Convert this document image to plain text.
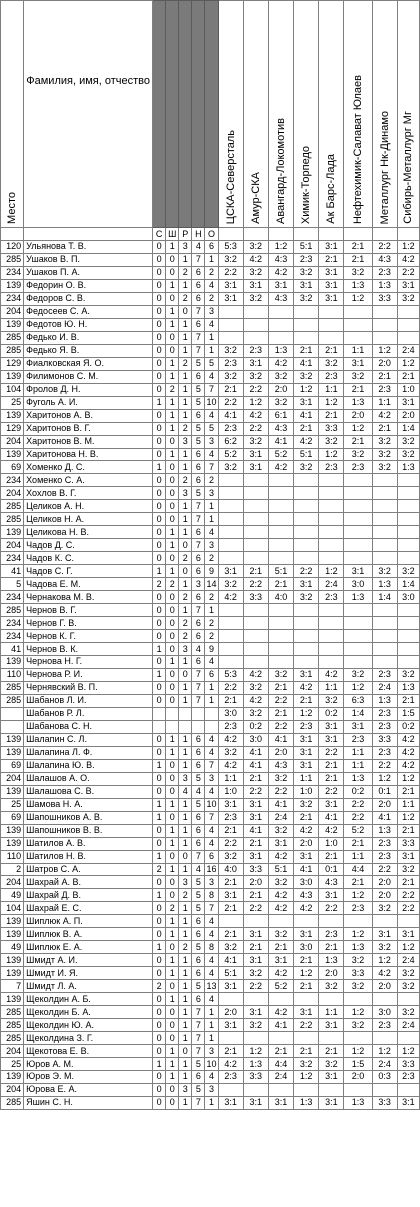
Место	Фамилия, имя, отчество						ЦСКА-Северсталь	Амур-СКА	Авангард-Локомотив	Химик-Торпедо	Ак Барс-Лада	Нефтехимик-Салават Юлаев	Металлург Нк-Динамо	Сибирь-Металлург Мг

		С	Ш	Р	Н	О								
120	Ульянова Т. В.	0	1	3	4	6	5:3	3:2	1:2	5:1	3:1	2:1	2:2	1:2
285	Ушаков В. П.	0	0	1	7	1	3:2	4:2	4:3	2:3	2:1	2:1	4:3	4:2
234	Ушаков П. А.	0	0	2	6	2	2:2	3:2	4:2	3:2	3:1	3:2	2:3	2:2
139	Федорин О. В.	0	1	1	6	4	3:1	3:1	3:1	3:1	3:1	1:3	1:3	3:1
234	Федоров С. В.	0	0	2	6	2	3:1	3:2	4:3	3:2	3:1	1:2	3:3	3:2
204	Федосеев С. А.	0	1	0	7	3								
139	Федотов Ю. Н.	0	1	1	6	4								
285	Федько И. В.	0	0	1	7	1								
285	Федько Я. В.	0	0	1	7	1	3:2	2:3	1:3	2:1	2:1	1:1	1:2	2:4
129	Фиалковская Я. О.	0	1	2	5	5	2:3	3:1	4:2	4:1	3:2	3:1	2:0	1:2
139	Филимонов С. М.	0	1	1	6	4	3:2	3:2	3:2	3:2	2:3	3:2	2:1	2:1
104	Фролов Д. Н.	0	2	1	5	7	2:1	2:2	2:0	1:2	1:1	2:1	2:3	1:0
25	Фуголь А. И.	1	1	1	5	10	2:2	1:2	3:2	3:1	1:2	1:3	1:1	3:1
139	Харитонов А. В.	0	1	1	6	4	4:1	4:2	6:1	4:1	2:1	2:0	4:2	2:0
129	Харитонов В. Г.	0	1	2	5	5	2:3	2:2	4:3	2:1	3:3	1:2	2:1	1:4
204	Харитонов В. М.	0	0	3	5	3	6:2	3:2	4:1	4:2	3:2	2:1	3:2	3:2
139	Харитонова Н. В.	0	1	1	6	4	5:2	3:1	5:2	5:1	1:2	3:2	3:2	3:2
69	Хоменко Д. С.	1	0	1	6	7	3:2	3:1	4:2	3:2	2:3	2:3	3:2	1:3
234	Хоменко С. А.	0	0	2	6	2								
204	Хохлов В. Г.	0	0	3	5	3								
285	Целиков А. Н.	0	0	1	7	1								
285	Целиков Н. А.	0	0	1	7	1								
139	Целикова Н. В.	0	1	1	6	4								
204	Чадов Д. С.	0	1	0	7	3								
234	Чадов К. С.	0	0	2	6	2								
41	Чадов С. Г.	1	1	0	6	9	3:1	2:1	5:1	2:2	1:2	3:1	3:2	3:2
5	Чадова Е. М.	2	2	1	3	14	3:2	2:2	2:1	3:1	2:4	3:0	1:3	1:4
234	Чернакова М. В.	0	0	2	6	2	4:2	3:3	4:0	3:2	2:3	1:3	1:4	3:0
285	Чернов В. Г.	0	0	1	7	1								
234	Чернов Г. В.	0	0	2	6	2								
234	Чернов К. Г.	0	0	2	6	2								
41	Чернов В. К.	1	0	3	4	9								
139	Чернова Н. Г.	0	1	1	6	4								
110	Чернова Р. И.	1	0	0	7	6	5:3	4:2	3:2	3:1	4:2	3:2	2:3	3:2
285	Чернявский В. П.	0	0	1	7	1	2:2	3:2	2:1	4:2	1:1	1:2	2:4	1:3
285	Шабанов Л. И.	0	0	1	7	1	2:1	4:2	2:2	2:1	3:2	6:3	1:3	2:1
	Шабанов Р. Л.						3:0	3:2	2:1	1:2	0:2	1:4	2:3	1:5
	Шабанова С. Н.						2:3	0:2	2:2	2:3	3:1	3:1	2:3	0:2
139	Шалапин С. Л.	0	1	1	6	4	4:2	3:0	4:1	3:1	3:1	2:3	3:3	4:2
139	Шалапина Л. Ф.	0	1	1	6	4	3:2	4:1	2:0	3:1	2:2	1:1	2:3	4:2
69	Шалапина Ю. В.	1	0	1	6	7	4:2	4:1	4:3	3:1	2:1	1:1	2:2	4:2
204	Шалашов А. О.	0	0	3	5	3	1:1	2:1	3:2	1:1	2:1	1:3	1:2	1:2
139	Шалашова С. В.	0	0	4	4	4	1:0	2:2	2:2	1:0	2:2	0:2	0:1	2:1
25	Шамова Н. А.	1	1	1	5	10	3:1	3:1	4:1	3:2	3:1	2:2	2:0	1:1
69	Шапошников А. В.	1	0	1	6	7	2:3	3:1	2:4	2:1	4:1	2:2	4:1	1:2
139	Шапошников В. В.	0	1	1	6	4	2:1	4:1	3:2	4:2	4:2	5:2	1:3	2:1
139	Шатилов А. В.	0	1	1	6	4	2:2	2:1	3:1	2:0	1:0	2:1	2:3	3:3
110	Шатилов Н. В.	1	0	0	7	6	3:2	3:1	4:2	3:1	2:1	1:1	2:3	3:1
2	Шатров С. А.	2	1	1	4	16	4:0	3:3	5:1	4:1	0:1	4:4	2:2	3:2
204	Шахрай А. В.	0	0	3	5	3	2:1	2:0	3:2	3:0	4:3	2:1	2:0	2:1
49	Шахрай Д. В.	1	0	2	5	8	3:1	2:1	4:2	4:3	3:1	1:2	2:0	2:2
104	Шахрай Е. С.	0	2	1	5	7	2:1	2:2	4:2	4:2	2:2	2:3	3:2	2:2
139	Шиплюк А. П.	0	1	1	6	4								
139	Шиплюк В. А.	0	1	1	6	4	2:1	3:1	3:2	3:1	2:3	1:2	3:1	3:1
49	Шиплюк Е. А.	1	0	2	5	8	3:2	2:1	2:1	3:0	2:1	1:3	3:2	1:2
139	Шмидт А. И.	0	1	1	6	4	4:1	3:1	3:1	2:1	1:3	3:2	1:2	2:4
139	Шмидт И. Я.	0	1	1	6	4	5:1	3:2	4:2	1:2	2:0	3:3	4:2	3:2
7	Шмидт Л. А.	2	0	1	5	13	3:1	2:2	5:2	2:1	3:2	3:2	2:0	3:2
139	Щеколдин А. Б.	0	1	1	6	4								
285	Щеколдин Б. А.	0	0	1	7	1	2:0	3:1	4:2	3:1	1:1	1:2	3:0	3:2
285	Щеколдин Ю. А.	0	0	1	7	1	3:1	3:2	4:1	2:2	3:1	3:2	2:3	2:4
285	Щеколдина З. Г.	0	0	1	7	1								
204	Щекотова Е. В.	0	1	0	7	3	2:1	1:2	2:1	2:1	2:1	1:2	1:2	1:2
25	Юров А. М.	1	1	1	5	10	4:2	1:3	4:4	3:2	3:2	1:5	2:4	3:3
139	Юров Э. М.	0	1	1	6	4	2:3	3:3	2:4	1:2	3:1	2:0	0:3	2:3
204	Юрова Е. А.	0	0	3	5	3								
285	Яшин С. Н.	0	0	1	7	1	3:1	3:1	3:1	1:3	3:1	1:3	3:3	3:1
